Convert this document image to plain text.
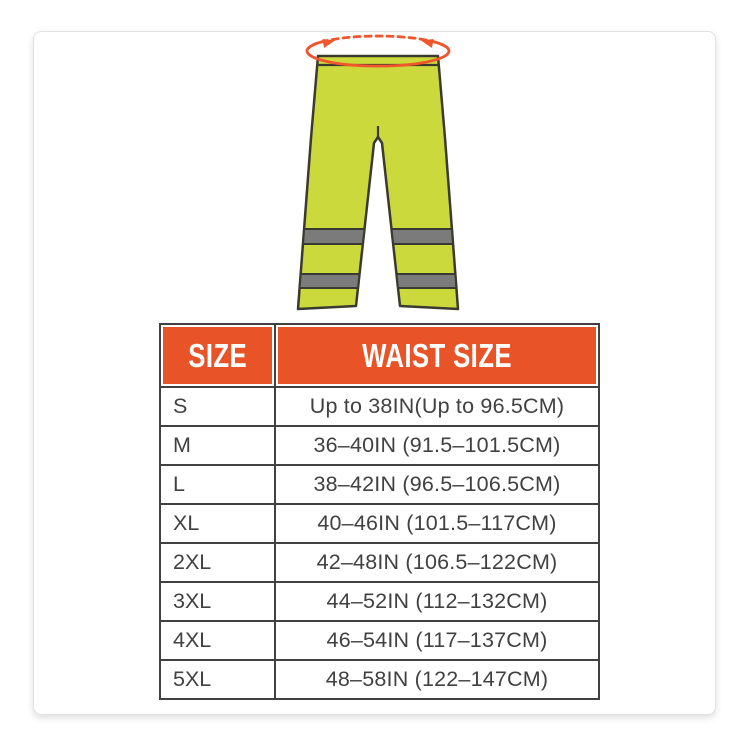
SIZE	WAIST SIZE

S	Up to 38IN(Up to 96.5CM)
M	36–40IN (91.5–101.5CM)
L	38–42IN (96.5–106.5CM)
XL	40–46IN (101.5–117CM)
2XL	42–48IN (106.5–122CM)
3XL	44–52IN (112–132CM)
4XL	46–54IN (117–137CM)
5XL	48–58IN (122–147CM)
